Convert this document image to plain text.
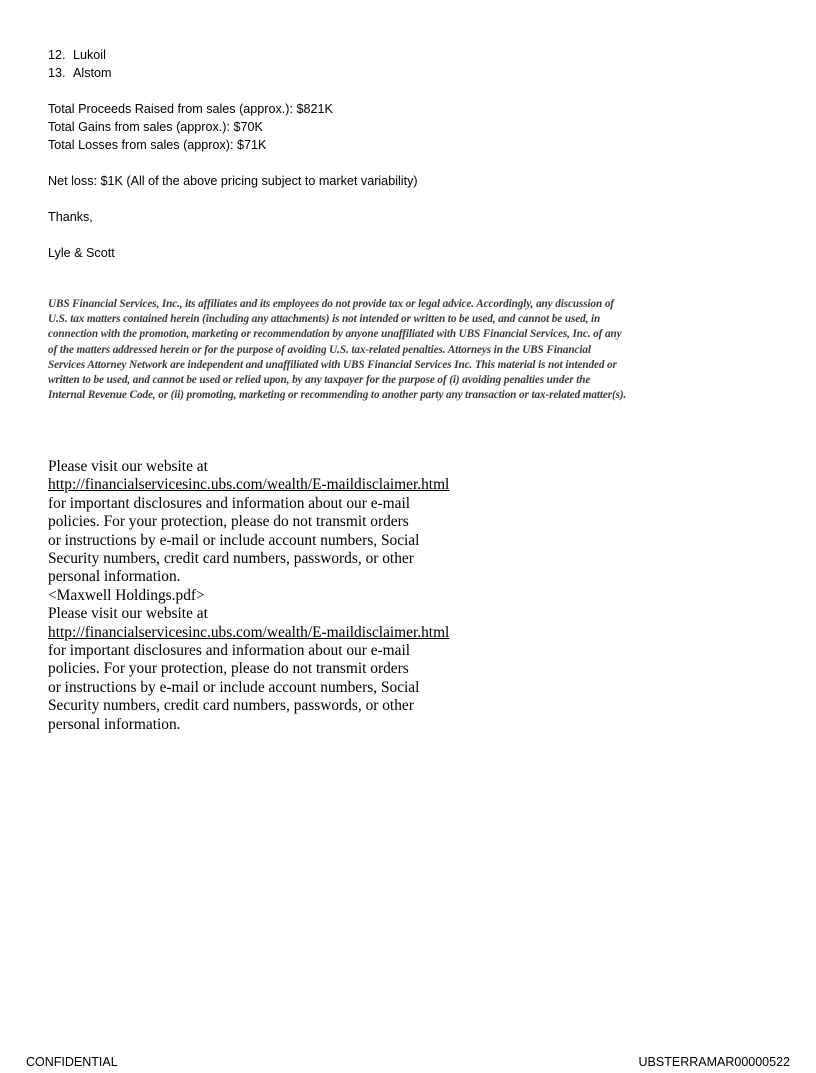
12. Lukoil
13. Alstom
Total Proceeds Raised from sales (approx.): $821K
Total Gains from sales (approx.): $70K
Total Losses from sales (approx): $71K
Net loss: $1K (All of the above pricing subject to market variability)
Thanks,
Lyle & Scott
UBS Financial Services, Inc., its affiliates and its employees do not provide tax or legal advice. Accordingly, any discussion of
U.S. tax matters contained herein (including any attachments) is not intended or written to be used, and cannot be used, in
connection with the promotion, marketing or recommendation by anyone unaffiliated with UBS Financial Services, Inc. of any
of the matters addressed herein or for the purpose of avoiding U.S. tax-related penalties. Attorneys in the UBS Financial
Services Attorney Network are independent and unaffiliated with UBS Financial Services Inc. This material is not intended or
written to be used, and cannot be used or relied upon, by any taxpayer for the purpose of (i) avoiding penalties under the
Internal Revenue Code, or (ii) promoting, marketing or recommending to another party any transaction or tax-related matter(s).
Please visit our website at
http://financialservicesinc.ubs.com/wealth/E-maildisclaimer.html
for important disclosures and information about our e-mail
policies. For your protection, please do not transmit orders
or instructions by e-mail or include account numbers, Social
Security numbers, credit card numbers, passwords, or other
personal information.
<Maxwell Holdings.pdf>
Please visit our website at
http://financialservicesinc.ubs.com/wealth/E-maildisclaimer.html
for important disclosures and information about our e-mail
policies. For your protection, please do not transmit orders
or instructions by e-mail or include account numbers, Social
Security numbers, credit card numbers, passwords, or other
personal information.
CONFIDENTIAL	UBSTERRAMAR00000522
